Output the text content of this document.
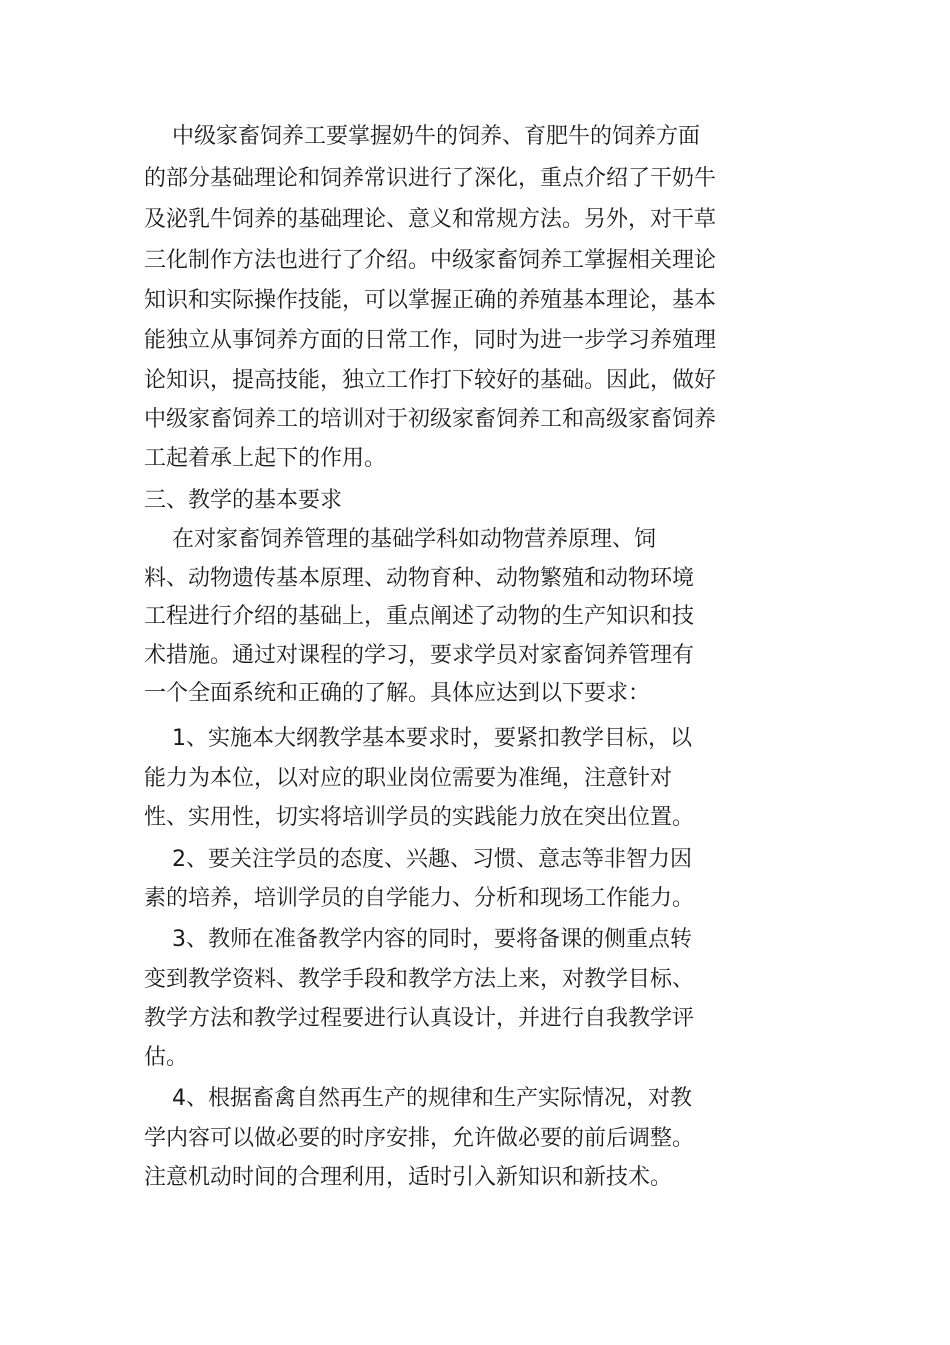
中级家畜饲养工要掌握奶牛的饲养、育肥牛的饲养方面

的部分基础理论和饲养常识进行了深化，重点介绍了干奶牛

及泌乳牛饲养的基础理论、意义和常规方法。另外，对干草

三化制作方法也进行了介绍。中级家畜饲养工掌握相关理论

知识和实际操作技能，可以掌握正确的养殖基本理论，基本

能独立从事饲养方面的日常工作，同时为进一步学习养殖理

论知识，提高技能，独立工作打下较好的基础。因此，做好

中级家畜饲养工的培训对于初级家畜饲养工和高级家畜饲养

工起着承上起下的作用。

三、教学的基本要求

在对家畜饲养管理的基础学科如动物营养原理、饲

料、动物遗传基本原理、动物育种、动物繁殖和动物环境

工程进行介绍的基础上，重点阐述了动物的生产知识和技

术措施。通过对课程的学习，要求学员对家畜饲养管理有

一个全面系统和正确的了解。具体应达到以下要求：

1、实施本大纲教学基本要求时，要紧扣教学目标，以

能力为本位，以对应的职业岗位需要为准绳，注意针对

性、实用性，切实将培训学员的实践能力放在突出位置。

2、要关注学员的态度、兴趣、习惯、意志等非智力因

素的培养，培训学员的自学能力、分析和现场工作能力。

3、教师在准备教学内容的同时，要将备课的侧重点转

变到教学资料、教学手段和教学方法上来，对教学目标、

教学方法和教学过程要进行认真设计，并进行自我教学评

估。

4、根据畜禽自然再生产的规律和生产实际情况，对教

学内容可以做必要的时序安排，允许做必要的前后调整。

注意机动时间的合理利用，适时引入新知识和新技术。
